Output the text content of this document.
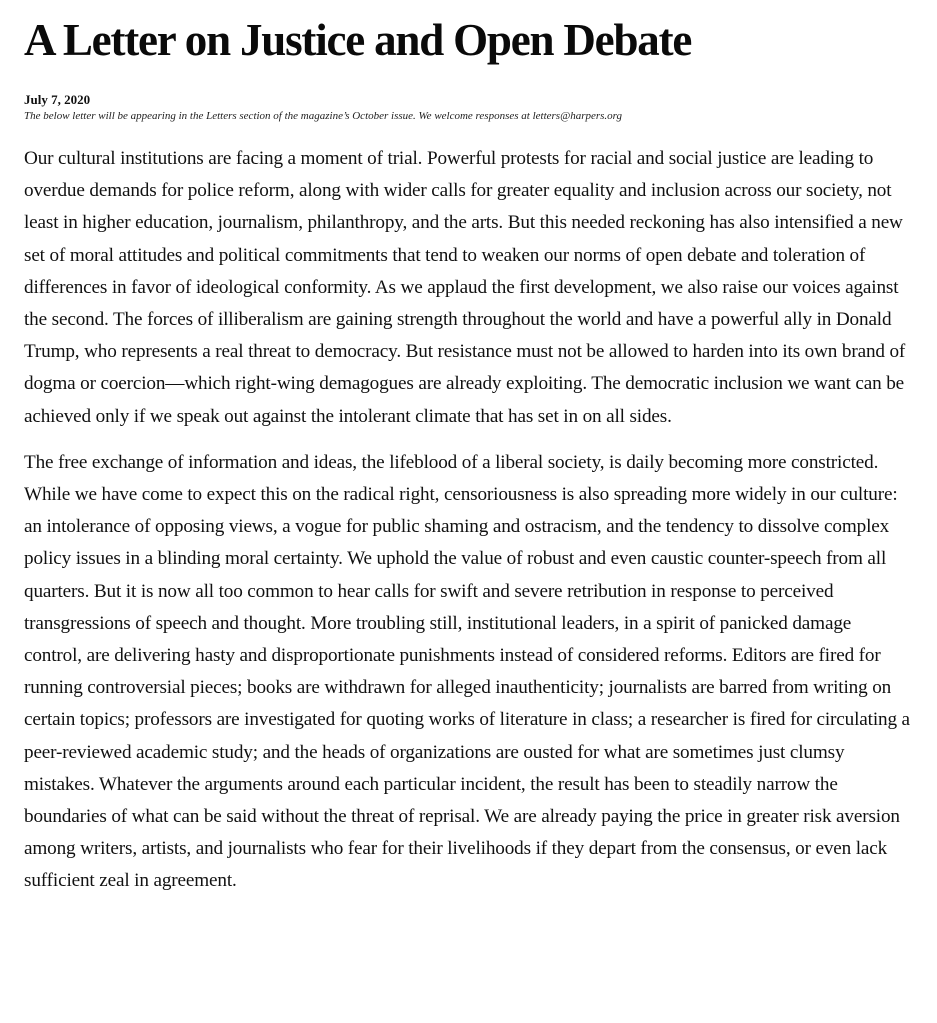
A Letter on Justice and Open Debate
July 7, 2020
The below letter will be appearing in the Letters section of the magazine’s October issue. We welcome responses at letters@harpers.org

Our cultural institutions are facing a moment of trial. Powerful protests for racial and social justice are leading to overdue demands for police reform, along with wider calls for greater equality and inclusion across our society, not least in higher education, journalism, philanthropy, and the arts. But this needed reckoning has also intensified a new set of moral attitudes and political commitments that tend to weaken our norms of open debate and toleration of differences in favor of ideological conformity. As we applaud the first development, we also raise our voices against the second. The forces of illiberalism are gaining strength throughout the world and have a powerful ally in Donald Trump, who represents a real threat to democracy. But resistance must not be allowed to harden into its own brand of dogma or coercion—which right-wing demagogues are already exploiting. The democratic inclusion we want can be achieved only if we speak out against the intolerant climate that has set in on all sides.

The free exchange of information and ideas, the lifeblood of a liberal society, is daily becoming more constricted. While we have come to expect this on the radical right, censoriousness is also spreading more widely in our culture: an intolerance of opposing views, a vogue for public shaming and ostracism, and the tendency to dissolve complex policy issues in a blinding moral certainty. We uphold the value of robust and even caustic counter-speech from all quarters. But it is now all too common to hear calls for swift and severe retribution in response to perceived transgressions of speech and thought. More troubling still, institutional leaders, in a spirit of panicked damage control, are delivering hasty and disproportionate punishments instead of considered reforms. Editors are fired for running controversial pieces; books are withdrawn for alleged inauthenticity; journalists are barred from writing on certain topics; professors are investigated for quoting works of literature in class; a researcher is fired for circulating a peer-reviewed academic study; and the heads of organizations are ousted for what are sometimes just clumsy mistakes. Whatever the arguments around each particular incident, the result has been to steadily narrow the boundaries of what can be said without the threat of reprisal. We are already paying the price in greater risk aversion among writers, artists, and journalists who fear for their livelihoods if they depart from the consensus, or even lack sufficient zeal in agreement.
